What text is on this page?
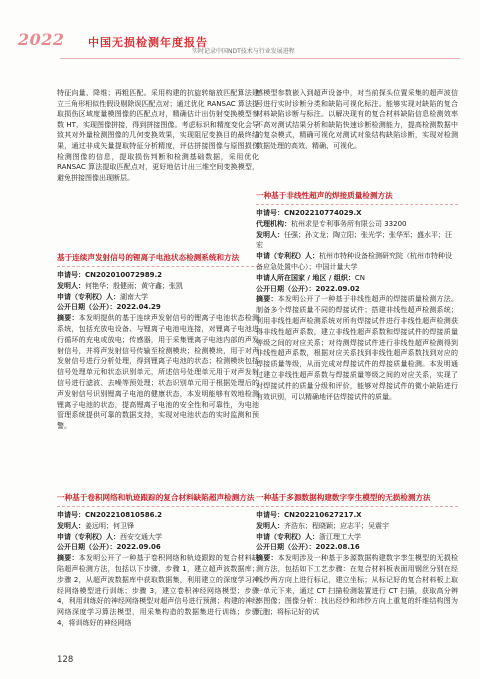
2022 中国无损检测年度报告
实时记录中国NDT技术与行业发展进程

特征向量、降维；再粗匹配。采用构建的抗旋转缩放匹配算法建立三角形相似性假设剔除误匹配点对；通过优化 RANSAC 算法提取损伤区域度量模图像的匹配点对，精确估计出仿射变换模型参数 HT，实现图像拼接，得到拼接图像。考虑标识和精度变化会导致其对外量检测图像的几何变换效果，实现阻尼变换目的最终结果，通过非成矢量提取特征分析精度，评估拼接图像与原图损伤检测图像的信息，提取损伤判断和检测基础数据，采用优化 RANSAC 算法提取匹配点对，更好地估计出三维空间变换模型，避免拼接图像出现断层。

基于连续声发射信号的锂离子电池状态检测系统和方法

申请号：CN202010072989.2

发明人：何艳华；殷健雨；黄守鑫；张凯

申请（专利权）人：湖南大学

公开日期（公开）：2022.04.29

摘要：本发明提供的基于连续声发射信号的锂离子电池状态检测系统，包括充放电设备、与锂离子电池电连接，对锂离子电池进行循环的充电或放电；传感器，用于采集锂离子电池内部的声发射信号，并将声发射信号传输至检测模块；检测模块，用于对声发射信号进行分析处理，得到锂离子电池的状态；检测模块包括信号处理单元和状态识别单元，所述信号处理单元用于对声发射信号进行滤波、去噪等预处理；状态识别单元用于根据处理后的声发射信号识别锂离子电池的健康状态，本发明能够有效地检测锂离子电池的状态，提高锂离子电池的安全性和可靠性，为电池管理系统提供可靠的数据支持，实现对电池状态的实时监测和预警。

一种基于卷积网络和轨迹跟踪的复合材料缺陷超声检测方法

申请号：CN202210810586.2

发明人：姜远明；何卫锋

申请（专利权）人：西安交通大学

公开日期（公开）：2022.09.06

摘要：本发明公开了一种基于卷积网络和轨迹跟踪的复合材料缺陷超声检测方法，包括以下步骤，步骤 1，建立超声波数据库；步骤 2，从超声波数据库中获取数据集，利用建立的深度学习神经网络模型进行训练；步骤 3，建立卷积神经网络模型；步骤 4，利用训练好的神经网络模型对超声信号进行预测；构建的神经网络深度学习算法模型，用采集构造的数据集进行训练；步骤 4，将训练好的神经网络

感模型参数嵌入到超声设备中，对当前探头位置采集的超声波信号进行实时诊断分类和缺陷可视化标注。能够实现对缺陷的复合材料缺陷诊断与标注。以解决现有的复合材料缺陷信息检测效率不高对测试结果分析和缺陷快速诊断检测能力，提高检测数据中的复杂模式，精确可视化对测试对象结构缺陷诊断，实现对检测数据处理的高效、精确、可视化。

一种基于非线性超声的焊接质量检测方法

申请号：CN202210774029.X

代理机构：杭州求是专利事务所有限公司 33200

发明人：任强；孙文龙；陶立阳；张光学；张华军；盛水平；汪宏

申请（专利权）人：杭州市特种设备检测研究院（杭州市特种设备应急处置中心）；中国计量大学

申请人所在国家 / 地区 / 组织：CN

公开日期（公开）：2022.09.02

摘要：本发明公开了一种基于非线性超声的焊接质量检测方法。制备多个焊接质量不同的焊接试件；搭建非线性超声检测系统；利用非线性超声检测系统对所有焊接试件进行非线性超声检测获得非线性超声系数，建立非线性超声系数和焊接试件的焊接质量等级之间的对应关系；对待测焊接试件进行非线性超声检测得到非线性超声系数，根据对应关系找到非线性超声系数找到对应的焊接质量等级，从而完成对焊接试件的焊接质量检测。本发明通过建立非线性超声系数与焊接质量等级之间的对应关系，实现了对焊接试件的质量分级和评价，能够对焊接试件的微小缺陷进行有效识别，可以精确地评估焊接试件的质量。

一种基于多源数据构建数字孪生模型的无损检测方法

申请号：CN202210627217.X

发明人：齐浩东；程晓颖；应志平；吴震宇

申请（专利权）人：浙江理工大学

公开日期（公开）：2022.08.16

摘要：本发明涉及一种基于多源数据构建数字孪生模型的无损检测方法，包括如下工艺步骤：在复合材料板表面用钢丝分别在经线纱两方向上进行标记，建立坐标；从标记好的复合材料板上取一单元下来，通过 CT 扫描检测装置进行 CT 扫描，获取高分辨率图像；图像分析：找出经纱和纬纱方向上重复的纤维结构图为元胞；将标记好的试

128
